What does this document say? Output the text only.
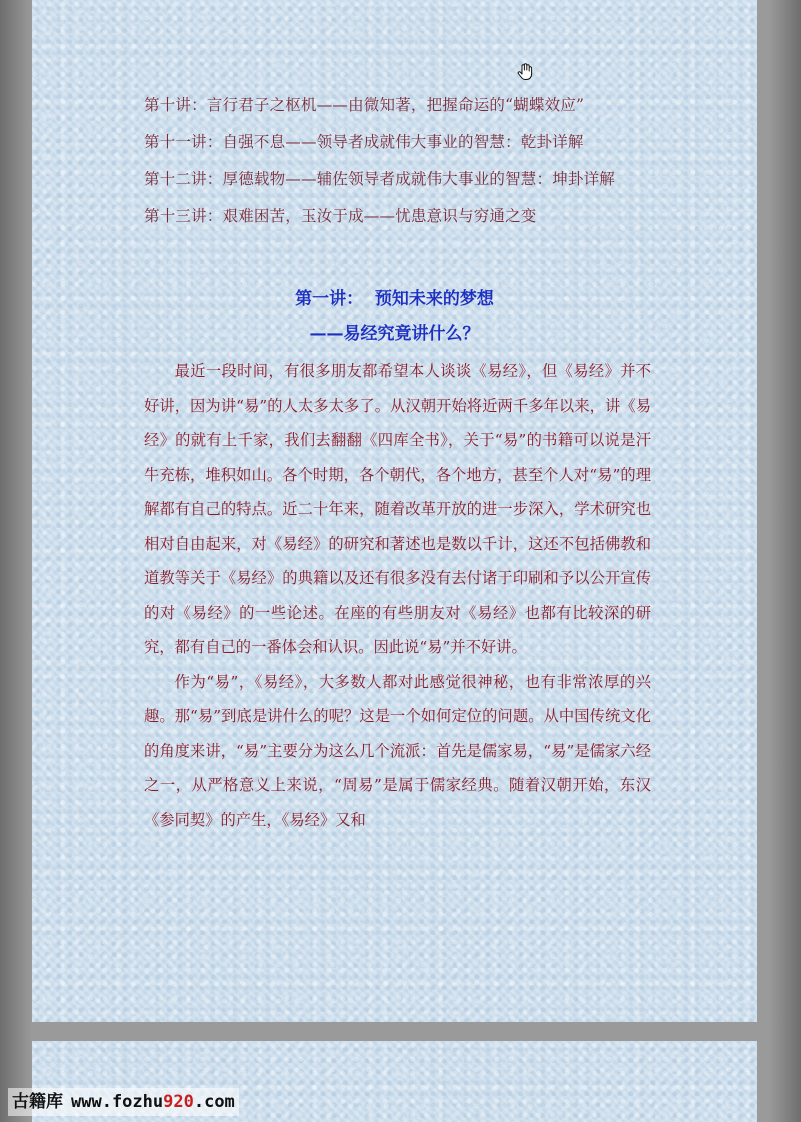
第十讲：言行君子之枢机——由微知著，把握命运的“蝴蝶效应”
第十一讲：自强不息——领导者成就伟大事业的智慧：乾卦详解
第十二讲：厚德载物——辅佐领导者成就伟大事业的智慧：坤卦详解
第十三讲：艰难困苦，玉汝于成——忧患意识与穷通之变
第一讲：  预知未来的梦想
——易经究竟讲什么？

最近一段时间，有很多朋友都希望本人谈谈《易经》，但《易经》并不好讲，因为讲“易”的人太多太多了。从汉朝开始将近两千多年以来，讲《易经》的就有上千家，我们去翻翻《四库全书》，关于“易”的书籍可以说是汗牛充栋，堆积如山。各个时期，各个朝代，各个地方，甚至个人对“易”的理解都有自己的特点。近二十年来，随着改革开放的进一步深入，学术研究也相对自由起来，对《易经》的研究和著述也是数以千计，这还不包括佛教和道教等关于《易经》的典籍以及还有很多没有去付诸于印刷和予以公开宣传的对《易经》的一些论述。在座的有些朋友对《易经》也都有比较深的研究，都有自己的一番体会和认识。因此说“易”并不好讲。

作为“易”，《易经》，大多数人都对此感觉很神秘，也有非常浓厚的兴趣。那“易”到底是讲什么的呢？这是一个如何定位的问题。从中国传统文化的角度来讲，“易”主要分为这么几个流派：首先是儒家易，“易”是儒家六经之一，从严格意义上来说，“周易”是属于儒家经典。随着汉朝开始，东汉《参同契》的产生，《易经》又和

古籍库 www.fozhu920.com
